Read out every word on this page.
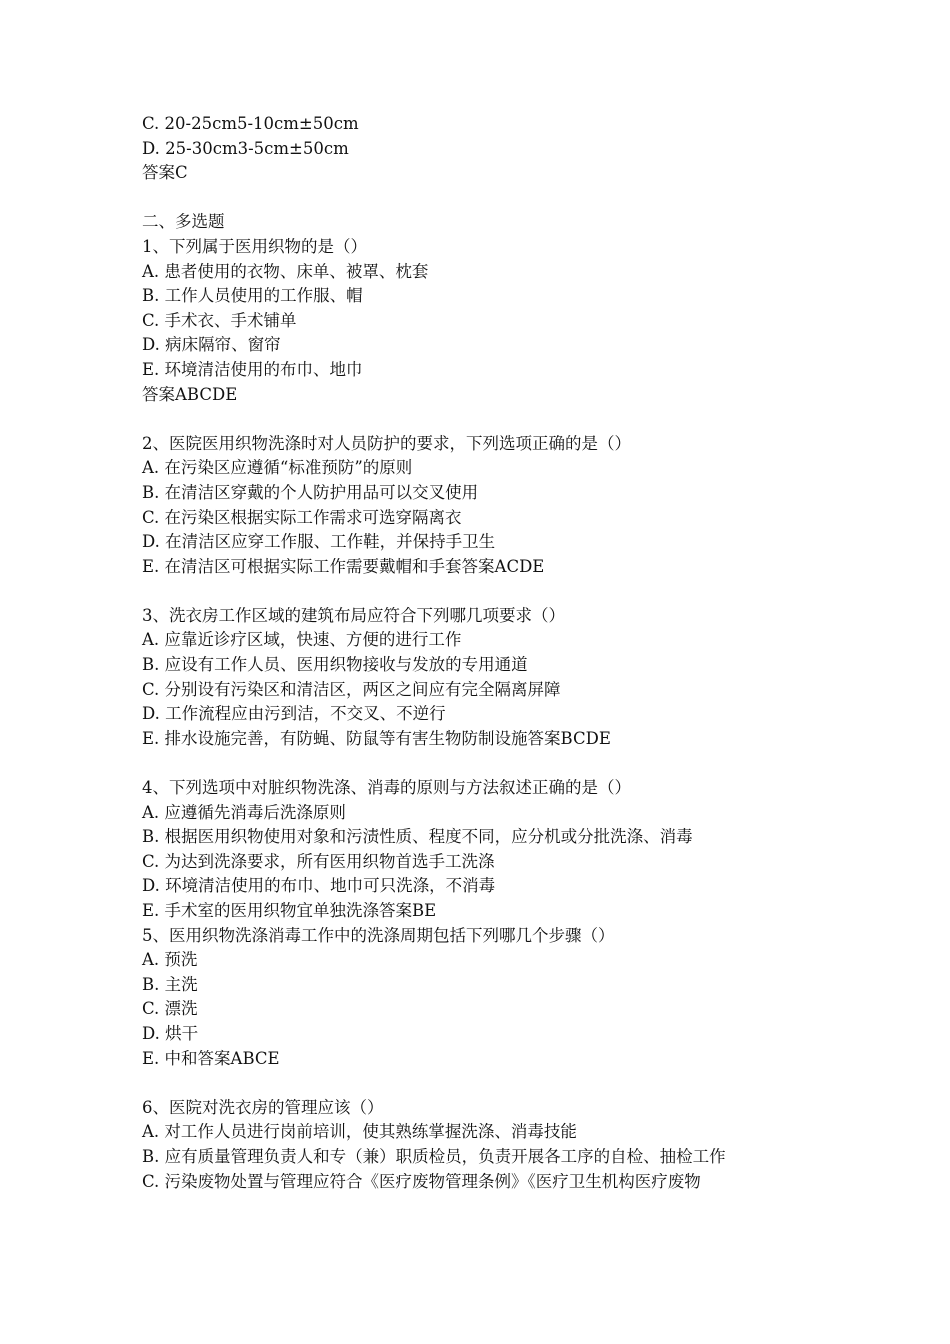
C. 20-25cm5-10cm±50cm
D. 25-30cm3-5cm±50cm
答案C
二、多选题
1、下列属于医用织物的是（）
A. 患者使用的衣物、床单、被罩、枕套
B. 工作人员使用的工作服、帽
C. 手术衣、手术铺单
D. 病床隔帘、窗帘
E. 环境清洁使用的布巾、地巾
答案ABCDE
2、医院医用织物洗涤时对人员防护的要求，下列选项正确的是（）
A. 在污染区应遵循“标准预防”的原则
B. 在清洁区穿戴的个人防护用品可以交叉使用
C. 在污染区根据实际工作需求可选穿隔离衣
D. 在清洁区应穿工作服、工作鞋，并保持手卫生
E. 在清洁区可根据实际工作需要戴帽和手套答案ACDE
3、洗衣房工作区域的建筑布局应符合下列哪几项要求（）
A. 应靠近诊疗区域，快速、方便的进行工作
B. 应设有工作人员、医用织物接收与发放的专用通道
C. 分别设有污染区和清洁区，两区之间应有完全隔离屏障
D. 工作流程应由污到洁，不交叉、不逆行
E. 排水设施完善，有防蝇、防鼠等有害生物防制设施答案BCDE
4、下列选项中对脏织物洗涤、消毒的原则与方法叙述正确的是（）
A. 应遵循先消毒后洗涤原则
B. 根据医用织物使用对象和污渍性质、程度不同，应分机或分批洗涤、消毒
C. 为达到洗涤要求，所有医用织物首选手工洗涤
D. 环境清洁使用的布巾、地巾可只洗涤，不消毒
E. 手术室的医用织物宜单独洗涤答案BE
5、医用织物洗涤消毒工作中的洗涤周期包括下列哪几个步骤（）
A. 预洗
B. 主洗
C. 漂洗
D. 烘干
E. 中和答案ABCE
6、医院对洗衣房的管理应该（）
A. 对工作人员进行岗前培训，使其熟练掌握洗涤、消毒技能
B. 应有质量管理负责人和专（兼）职质检员，负责开展各工序的自检、抽检工作
C. 污染废物处置与管理应符合《医疗废物管理条例》《医疗卫生机构医疗废物
